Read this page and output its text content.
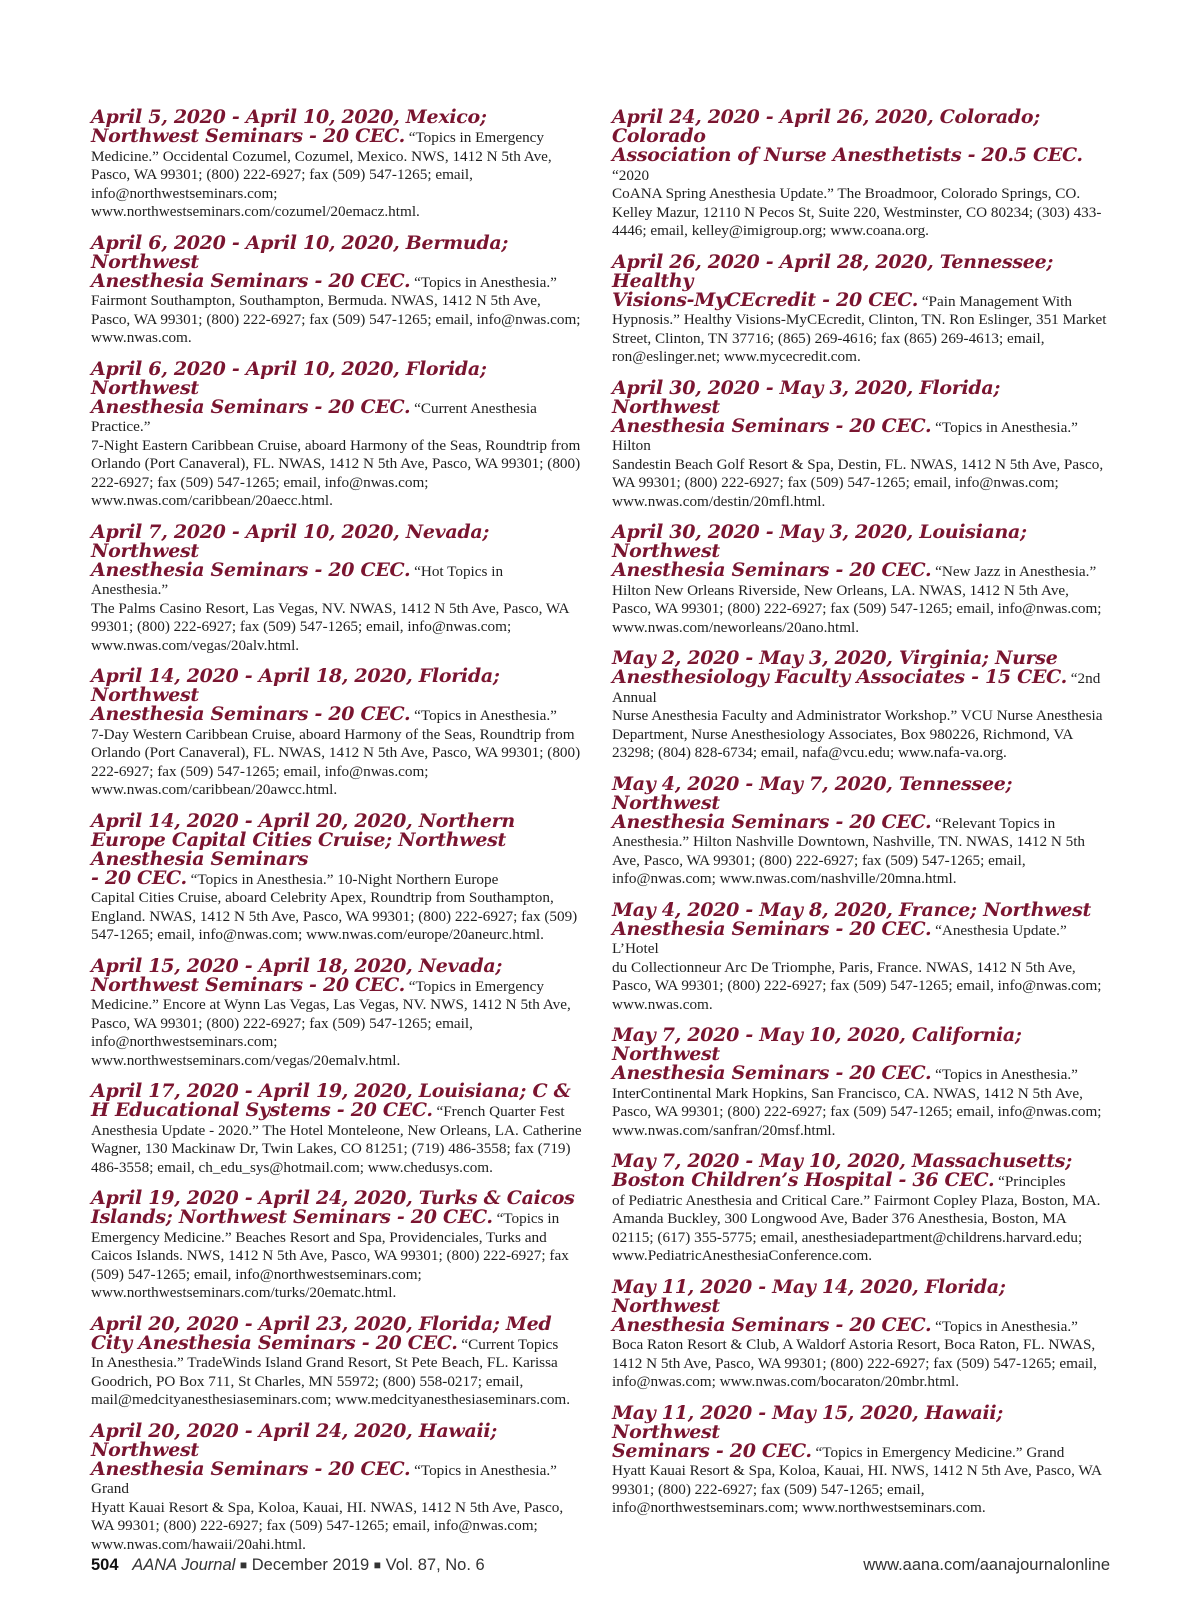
April 5, 2020 - April 10, 2020, Mexico;
Northwest Seminars - 20 CEC. “Topics in Emergency
Medicine.” Occidental Cozumel, Cozumel, Mexico. NWS, 1412 N 5th Ave, Pasco, WA 99301; (800) 222-6927; fax (509) 547-1265; email, info@northwestseminars.com; www.northwestseminars.com/cozumel/20emacz.html.
April 6, 2020 - April 10, 2020, Bermuda; Northwest
Anesthesia Seminars - 20 CEC. “Topics in Anesthesia.”
Fairmont Southampton, Southampton, Bermuda. NWAS, 1412 N 5th Ave, Pasco, WA 99301; (800) 222-6927; fax (509) 547-1265; email, info@nwas.com; www.nwas.com.
April 6, 2020 - April 10, 2020, Florida; Northwest
Anesthesia Seminars - 20 CEC. “Current Anesthesia Practice.”
7-Night Eastern Caribbean Cruise, aboard Harmony of the Seas, Roundtrip from Orlando (Port Canaveral), FL. NWAS, 1412 N 5th Ave, Pasco, WA 99301; (800) 222-6927; fax (509) 547-1265; email, info@nwas.com; www.nwas.com/caribbean/20aecc.html.
April 7, 2020 - April 10, 2020, Nevada; Northwest
Anesthesia Seminars - 20 CEC. “Hot Topics in Anesthesia.”
The Palms Casino Resort, Las Vegas, NV. NWAS, 1412 N 5th Ave, Pasco, WA 99301; (800) 222-6927; fax (509) 547-1265; email, info@nwas.com; www.nwas.com/vegas/20alv.html.
April 14, 2020 - April 18, 2020, Florida; Northwest
Anesthesia Seminars - 20 CEC. “Topics in Anesthesia.”
7-Day Western Caribbean Cruise, aboard Harmony of the Seas, Roundtrip from Orlando (Port Canaveral), FL. NWAS, 1412 N 5th Ave, Pasco, WA 99301; (800) 222-6927; fax (509) 547-1265; email, info@nwas.com; www.nwas.com/caribbean/20awcc.html.
April 14, 2020 - April 20, 2020, Northern Europe Capital Cities Cruise; Northwest Anesthesia Seminars
- 20 CEC. “Topics in Anesthesia.” 10-Night Northern Europe
Capital Cities Cruise, aboard Celebrity Apex, Roundtrip from Southampton, England. NWAS, 1412 N 5th Ave, Pasco, WA 99301; (800) 222-6927; fax (509) 547-1265; email, info@nwas.com; www.nwas.com/europe/20aneurc.html.
April 15, 2020 - April 18, 2020, Nevada;
Northwest Seminars - 20 CEC. “Topics in Emergency
Medicine.” Encore at Wynn Las Vegas, Las Vegas, NV. NWS, 1412 N 5th Ave, Pasco, WA 99301; (800) 222-6927; fax (509) 547-1265; email, info@northwestseminars.com; www.northwestseminars.com/vegas/20emalv.html.
April 17, 2020 - April 19, 2020, Louisiana; C &
H Educational Systems - 20 CEC. “French Quarter Fest
Anesthesia Update - 2020.” The Hotel Monteleone, New Orleans, LA. Catherine Wagner, 130 Mackinaw Dr, Twin Lakes, CO 81251; (719) 486-3558; fax (719) 486-3558; email, ch_edu_sys@hotmail.com; www.chedusys.com.
April 19, 2020 - April 24, 2020, Turks & Caicos
Islands; Northwest Seminars - 20 CEC. “Topics in
Emergency Medicine.” Beaches Resort and Spa, Providenciales, Turks and Caicos Islands. NWS, 1412 N 5th Ave, Pasco, WA 99301; (800) 222-6927; fax (509) 547-1265; email, info@northwestseminars.com; www.northwestseminars.com/turks/20ematc.html.
April 20, 2020 - April 23, 2020, Florida; Med
City Anesthesia Seminars - 20 CEC. “Current Topics
In Anesthesia.” TradeWinds Island Grand Resort, St Pete Beach, FL. Karissa Goodrich, PO Box 711, St Charles, MN 55972; (800) 558-0217; email, mail@medcityanesthesiaseminars.com; www.medcityanesthesiaseminars.com.
April 20, 2020 - April 24, 2020, Hawaii; Northwest
Anesthesia Seminars - 20 CEC. “Topics in Anesthesia.” Grand
Hyatt Kauai Resort & Spa, Koloa, Kauai, HI. NWAS, 1412 N 5th Ave, Pasco, WA 99301; (800) 222-6927; fax (509) 547-1265; email, info@nwas.com; www.nwas.com/hawaii/20ahi.html.
April 24, 2020 - April 26, 2020, Colorado; Colorado
Association of Nurse Anesthetists - 20.5 CEC. “2020
CoANA Spring Anesthesia Update.” The Broadmoor, Colorado Springs, CO. Kelley Mazur, 12110 N Pecos St, Suite 220, Westminster, CO 80234; (303) 433-4446; email, kelley@imigroup.org; www.coana.org.
April 26, 2020 - April 28, 2020, Tennessee; Healthy
Visions-MyCEcredit - 20 CEC. “Pain Management With
Hypnosis.” Healthy Visions-MyCEcredit, Clinton, TN. Ron Eslinger, 351 Market Street, Clinton, TN 37716; (865) 269-4616; fax (865) 269-4613; email, ron@eslinger.net; www.mycecredit.com.
April 30, 2020 - May 3, 2020, Florida; Northwest
Anesthesia Seminars - 20 CEC. “Topics in Anesthesia.” Hilton
Sandestin Beach Golf Resort & Spa, Destin, FL. NWAS, 1412 N 5th Ave, Pasco, WA 99301; (800) 222-6927; fax (509) 547-1265; email, info@nwas.com; www.nwas.com/destin/20mfl.html.
April 30, 2020 - May 3, 2020, Louisiana; Northwest
Anesthesia Seminars - 20 CEC. “New Jazz in Anesthesia.”
Hilton New Orleans Riverside, New Orleans, LA. NWAS, 1412 N 5th Ave, Pasco, WA 99301; (800) 222-6927; fax (509) 547-1265; email, info@nwas.com; www.nwas.com/neworleans/20ano.html.
May 2, 2020 - May 3, 2020, Virginia; Nurse
Anesthesiology Faculty Associates - 15 CEC. “2nd Annual
Nurse Anesthesia Faculty and Administrator Workshop.” VCU Nurse Anesthesia Department, Nurse Anesthesiology Associates, Box 980226, Richmond, VA 23298; (804) 828-6734; email, nafa@vcu.edu; www.nafa-va.org.
May 4, 2020 - May 7, 2020, Tennessee; Northwest
Anesthesia Seminars - 20 CEC. “Relevant Topics in
Anesthesia.” Hilton Nashville Downtown, Nashville, TN. NWAS, 1412 N 5th Ave, Pasco, WA 99301; (800) 222-6927; fax (509) 547-1265; email, info@nwas.com; www.nwas.com/nashville/20mna.html.
May 4, 2020 - May 8, 2020, France; Northwest
Anesthesia Seminars - 20 CEC. “Anesthesia Update.” L’Hotel
du Collectionneur Arc De Triomphe, Paris, France. NWAS, 1412 N 5th Ave, Pasco, WA 99301; (800) 222-6927; fax (509) 547-1265; email, info@nwas.com; www.nwas.com.
May 7, 2020 - May 10, 2020, California; Northwest
Anesthesia Seminars - 20 CEC. “Topics in Anesthesia.”
InterContinental Mark Hopkins, San Francisco, CA. NWAS, 1412 N 5th Ave, Pasco, WA 99301; (800) 222-6927; fax (509) 547-1265; email, info@nwas.com; www.nwas.com/sanfran/20msf.html.
May 7, 2020 - May 10, 2020, Massachusetts;
Boston Children’s Hospital - 36 CEC. “Principles
of Pediatric Anesthesia and Critical Care.” Fairmont Copley Plaza, Boston, MA. Amanda Buckley, 300 Longwood Ave, Bader 376 Anesthesia, Boston, MA 02115; (617) 355-5775; email, anesthesiadepartment@childrens.harvard.edu; www.PediatricAnesthesiaConference.com.
May 11, 2020 - May 14, 2020, Florida; Northwest
Anesthesia Seminars - 20 CEC. “Topics in Anesthesia.”
Boca Raton Resort & Club, A Waldorf Astoria Resort, Boca Raton, FL. NWAS, 1412 N 5th Ave, Pasco, WA 99301; (800) 222-6927; fax (509) 547-1265; email, info@nwas.com; www.nwas.com/bocaraton/20mbr.html.
May 11, 2020 - May 15, 2020, Hawaii; Northwest
Seminars - 20 CEC. “Topics in Emergency Medicine.” Grand
Hyatt Kauai Resort & Spa, Koloa, Kauai, HI. NWS, 1412 N 5th Ave, Pasco, WA 99301; (800) 222-6927; fax (509) 547-1265; email, info@northwestseminars.com; www.northwestseminars.com.
504 AANA Journal ■ December 2019 ■ Vol. 87, No. 6	www.aana.com/aanajournalonline
